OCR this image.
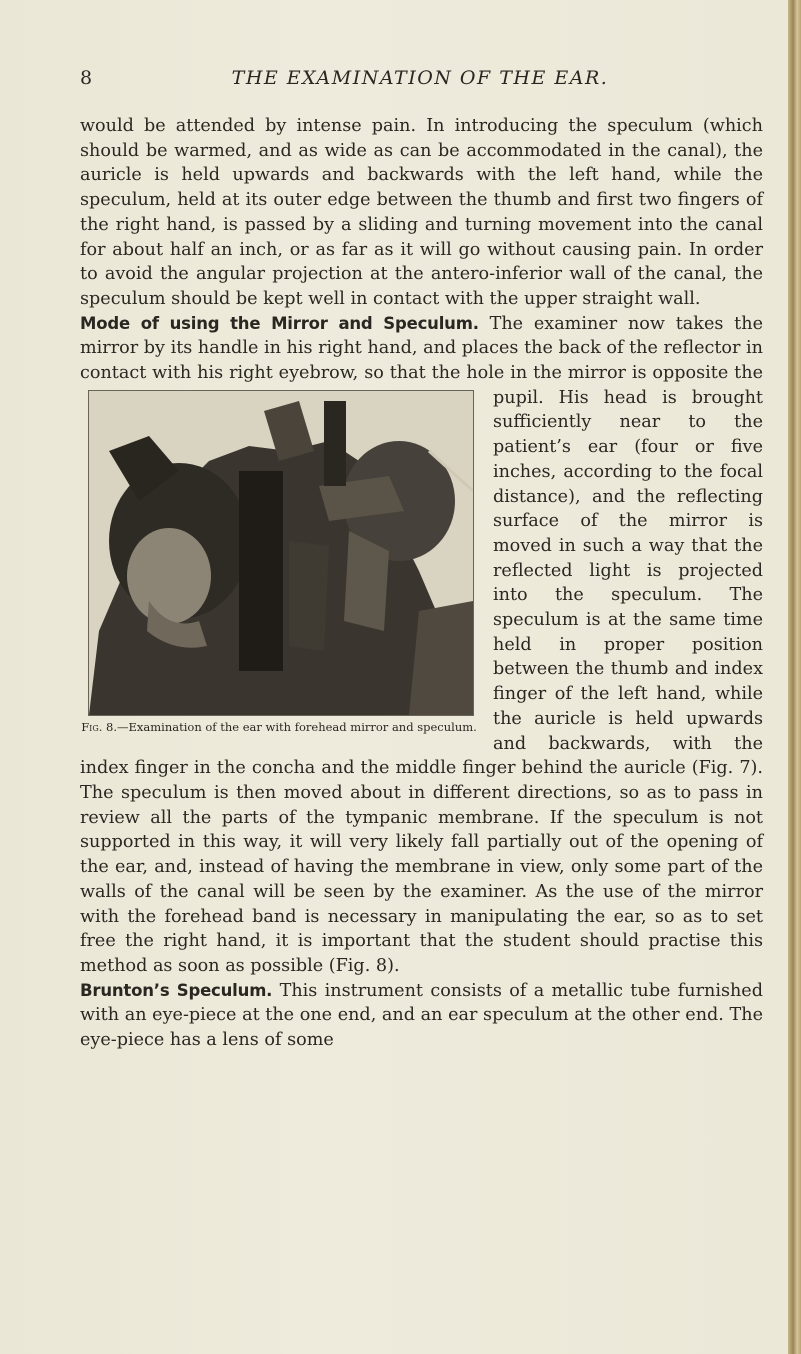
8	THE EXAMINATION OF THE EAR.

would be attended by intense pain. In introducing the speculum (which should be warmed, and as wide as can be accommodated in the canal), the auricle is held upwards and backwards with the left hand, while the speculum, held at its outer edge between the thumb and first two fingers of the right hand, is passed by a sliding and turning movement into the canal for about half an inch, or as far as it will go without causing pain. In order to avoid the angular projection at the antero-inferior wall of the canal, the speculum should be kept well in contact with the upper straight wall.

Mode of using the Mirror and Speculum. The examiner now takes the mirror by its handle in his right hand, and places the back of the reflector in contact with his right eyebrow,
Fig. 8.—Examination of the ear with forehead mirror and speculum.
so that the hole in the mirror is opposite the pupil. His head is brought sufficiently near to the patient’s ear (four or five inches, according to the focal distance), and the reflecting surface of the mirror is moved in such a way that the reflected light is projected into the speculum. The speculum is at the same time held in proper position between the thumb and index finger of the left hand, while the auricle is held upwards and backwards, with the index finger in the concha and the middle finger behind the auricle (Fig. 7). The speculum is then moved about in different directions, so as to pass in review all the parts of the tympanic membrane. If the speculum is not supported in this way, it will very likely fall partially out of the opening of the ear, and, instead of having the membrane in view, only some part of the walls of the canal will be seen by the examiner. As the use of the mirror with the forehead band is necessary in manipulating the ear, so as to set free the right hand, it is important that the student should practise this method as soon as possible (Fig. 8).

Brunton’s Speculum. This instrument consists of a metallic tube furnished with an eye-piece at the one end, and an ear speculum at the other end. The eye-piece has a lens of some
